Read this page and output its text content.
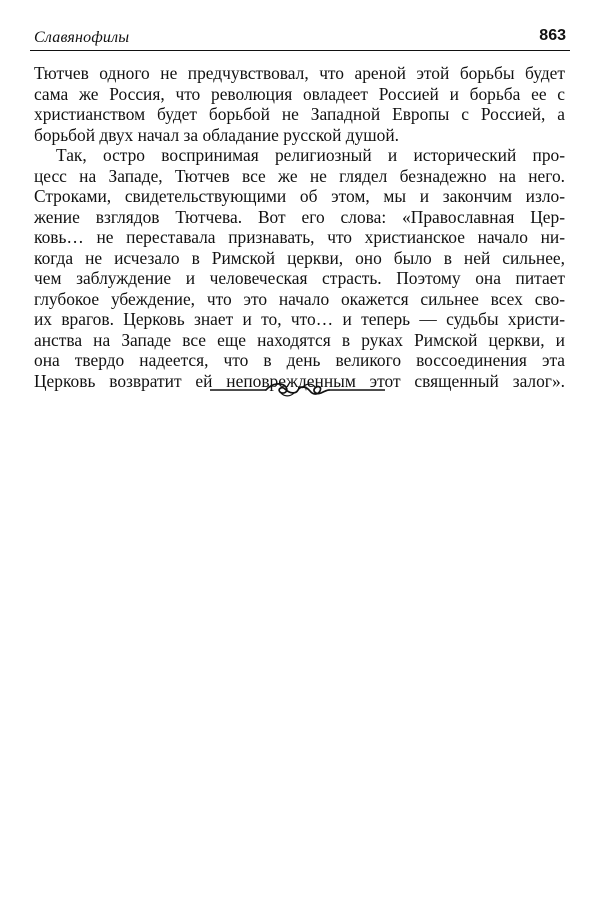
Славянофилы	863
Тютчев одного не предчувствовал, что ареной этой борьбы будет
сама же Россия, что революция овладеет Россией и борьба ее с
христианством будет борьбой не Западной Европы с Россией, а
борьбой двух начал за обладание русской душой.
Так, остро воспринимая религиозный и исторический про-
цесс на Западе, Тютчев все же не глядел безнадежно на него.
Строками, свидетельствующими об этом, мы и закончим изло-
жение взглядов Тютчева. Вот его слова: «Православная Цер-
ковь… не переставала признавать, что христианское начало ни-
когда не исчезало в Римской церкви, оно было в ней сильнее,
чем заблуждение и человеческая страсть. Поэтому она питает
глубокое убеждение, что это начало окажется сильнее всех сво-
их врагов. Церковь знает и то, что… и теперь — судьбы христи-
анства на Западе все еще находятся в руках Римской церкви, и
она твердо надеется, что в день великого воссоединения эта
Церковь возвратит ей неповрежденным этот священный залог».
